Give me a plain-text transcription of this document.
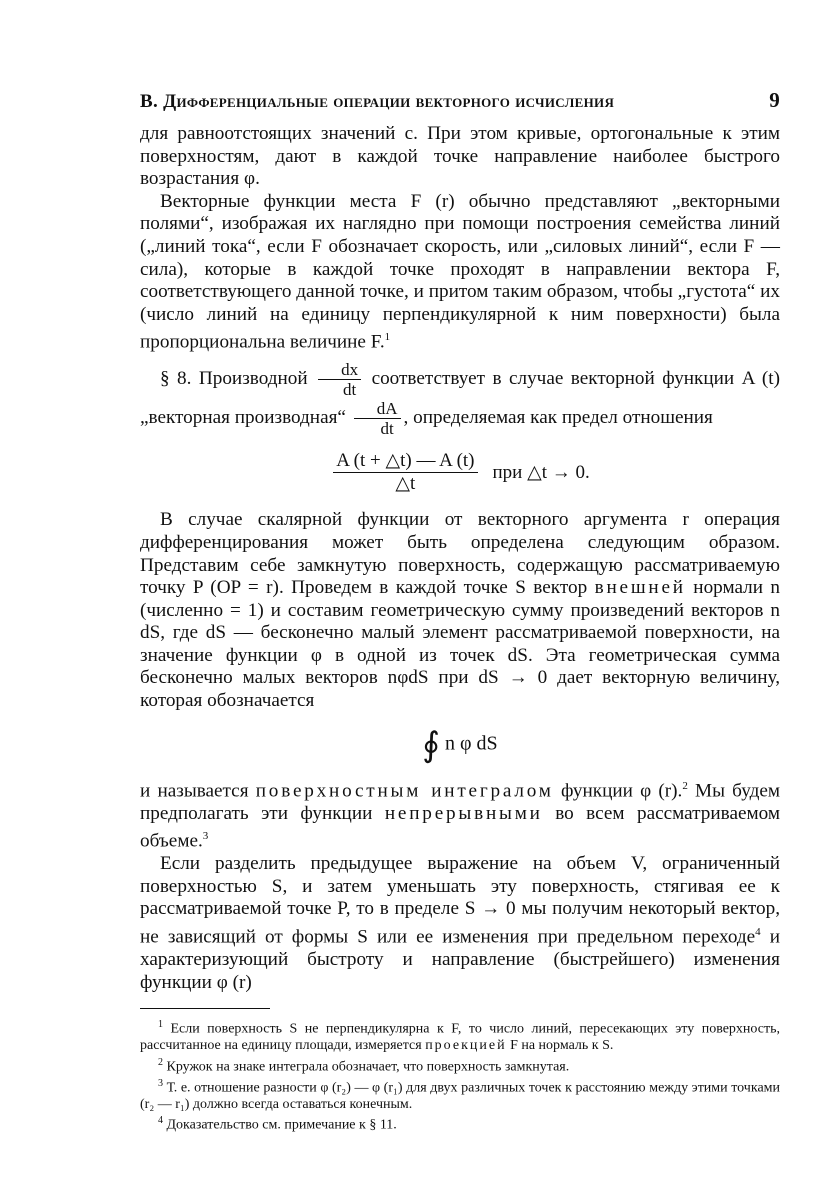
B. Дифференциальные операции векторного исчисления	9

для равноотстоящих значений c. При этом кривые, ортогональные к этим поверхностям, дают в каждой точке направление наиболее быстрого возрастания φ.

Векторные функции места F (r) обычно представляют „векторными полями“, изображая их наглядно при помощи построения семейства линий („линий тока“, если F обозначает скорость, или „силовых линий“, если F — сила), которые в каждой точке проходят в направлении вектора F, соответствующего данной точке, и притом таким образом, чтобы „густота“ их (число линий на единицу перпендикулярной к ним поверхности) была пропорциональна величине F.$^1$

§ 8. Производной $\frac{dx}{dt}$ соответствует в случае векторной функции A (t) „векторная производная“ $\frac{dA}{dt}$ , определяемая как предел отношения

$\frac{A (t + \triangle t) — A (t)}{\triangle t}$ при △t → 0.

В случае скалярной функции от векторного аргумента r операция дифференцирования может быть определена следующим образом. Представим себе замкнутую поверхность, содержащую рассматриваемую точку P (OP = r). Проведем в каждой точке S вектор внешней нормали n (численно = 1) и составим геометрическую сумму произведений векторов n dS, где dS — бесконечно малый элемент рассматриваемой поверхности, на значение функции φ в одной из точек dS. Эта геометрическая сумма бесконечно малых векторов nφdS при dS → 0 дает векторную величину, которая обозначается

∮ n φ dS

и называется поверхностным интегралом функции φ (r).$^2$ Мы будем предполагать эти функции непрерывными во всем рассматриваемом объеме.$^3$

Если разделить предыдущее выражение на объем V, ограниченный поверхностью S, и затем уменьшать эту поверхность, стягивая ее к рассматриваемой точке P, то в пределе S → 0 мы получим некоторый вектор, не зависящий от формы S или ее изменения при предельном переходе$^4$ и характеризующий быстроту и направление (быстрейшего) изменения функции φ (r)

$^1$ Если поверхность S не перпендикулярна к F, то число линий, пересекающих эту поверхность, рассчитанное на единицу площади, измеряется проекцией F на нормаль к S.

$^2$ Кружок на знаке интеграла обозначает, что поверхность замкнутая.

$^3$ Т. е. отношение разности φ (r₂) — φ (r₁) для двух различных точек к расстоянию между этими точками (r₂ — r₁) должно всегда оставаться конечным.

$^4$ Доказательство см. примечание к § 11.
